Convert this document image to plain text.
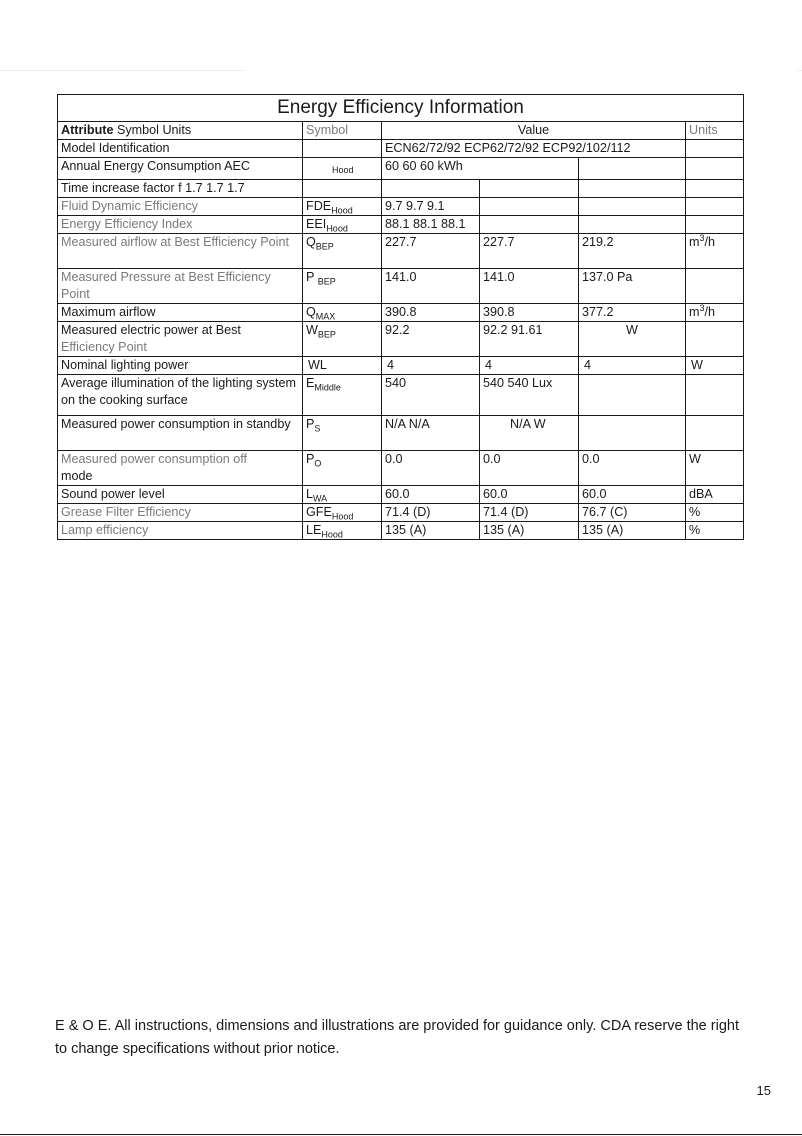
Energy Efficiency Information					
Attribute Symbol Units	Symbol	Value			Units
Model Identification		ECN62/72/92 ECP62/72/92 ECP92/102/112			
Annual Energy Consumption AEC	Hood	60 60 60 kWh			
Time increase factor f 1.7 1.7 1.7					
Fluid Dynamic Efficiency	$FDE_{Hood}$	9.7 9.7 9.1			
Energy Efficiency Index	$EEI_{Hood}$	88.1 88.1 88.1			
Measured airflow at Best Efficiency Point	$Q_{BEP}$	227.7	227.7	219.2	$m^3/h$
Measured Pressure at Best Efficiency Point	P $_{BEP}$	141.0	141.0	137.0 Pa	
Maximum airflow	$Q_{MAX}$	390.8	390.8	377.2	$m^3/h$

Measured electric power at Best
Efficiency Point	$W_{BEP}$	92.2	92.2 91.61	W	
Nominal lighting power	WL	4	4	4	W
Average illumination of the lighting system on the cooking surface	$E_{Middle}$	540	540 540 Lux		
Measured power consumption in standby	$P_S$	N/A N/A	N/A W		

Measured power consumption off
mode	$P_O$	0.0	0.0	0.0	W
Sound power level	$L_{WA}$	60.0	60.0	60.0	dBA
Grease Filter Efficiency	$GFE_{Hood}$	71.4 (D)	71.4 (D)	76.7 (C)	%
Lamp efficiency	$LE_{Hood}$	135 (A)	135 (A)	135 (A)	%
E & O E. All instructions, dimensions and illustrations are provided for guidance only. CDA reserve the right to change specifications without prior notice.
15
